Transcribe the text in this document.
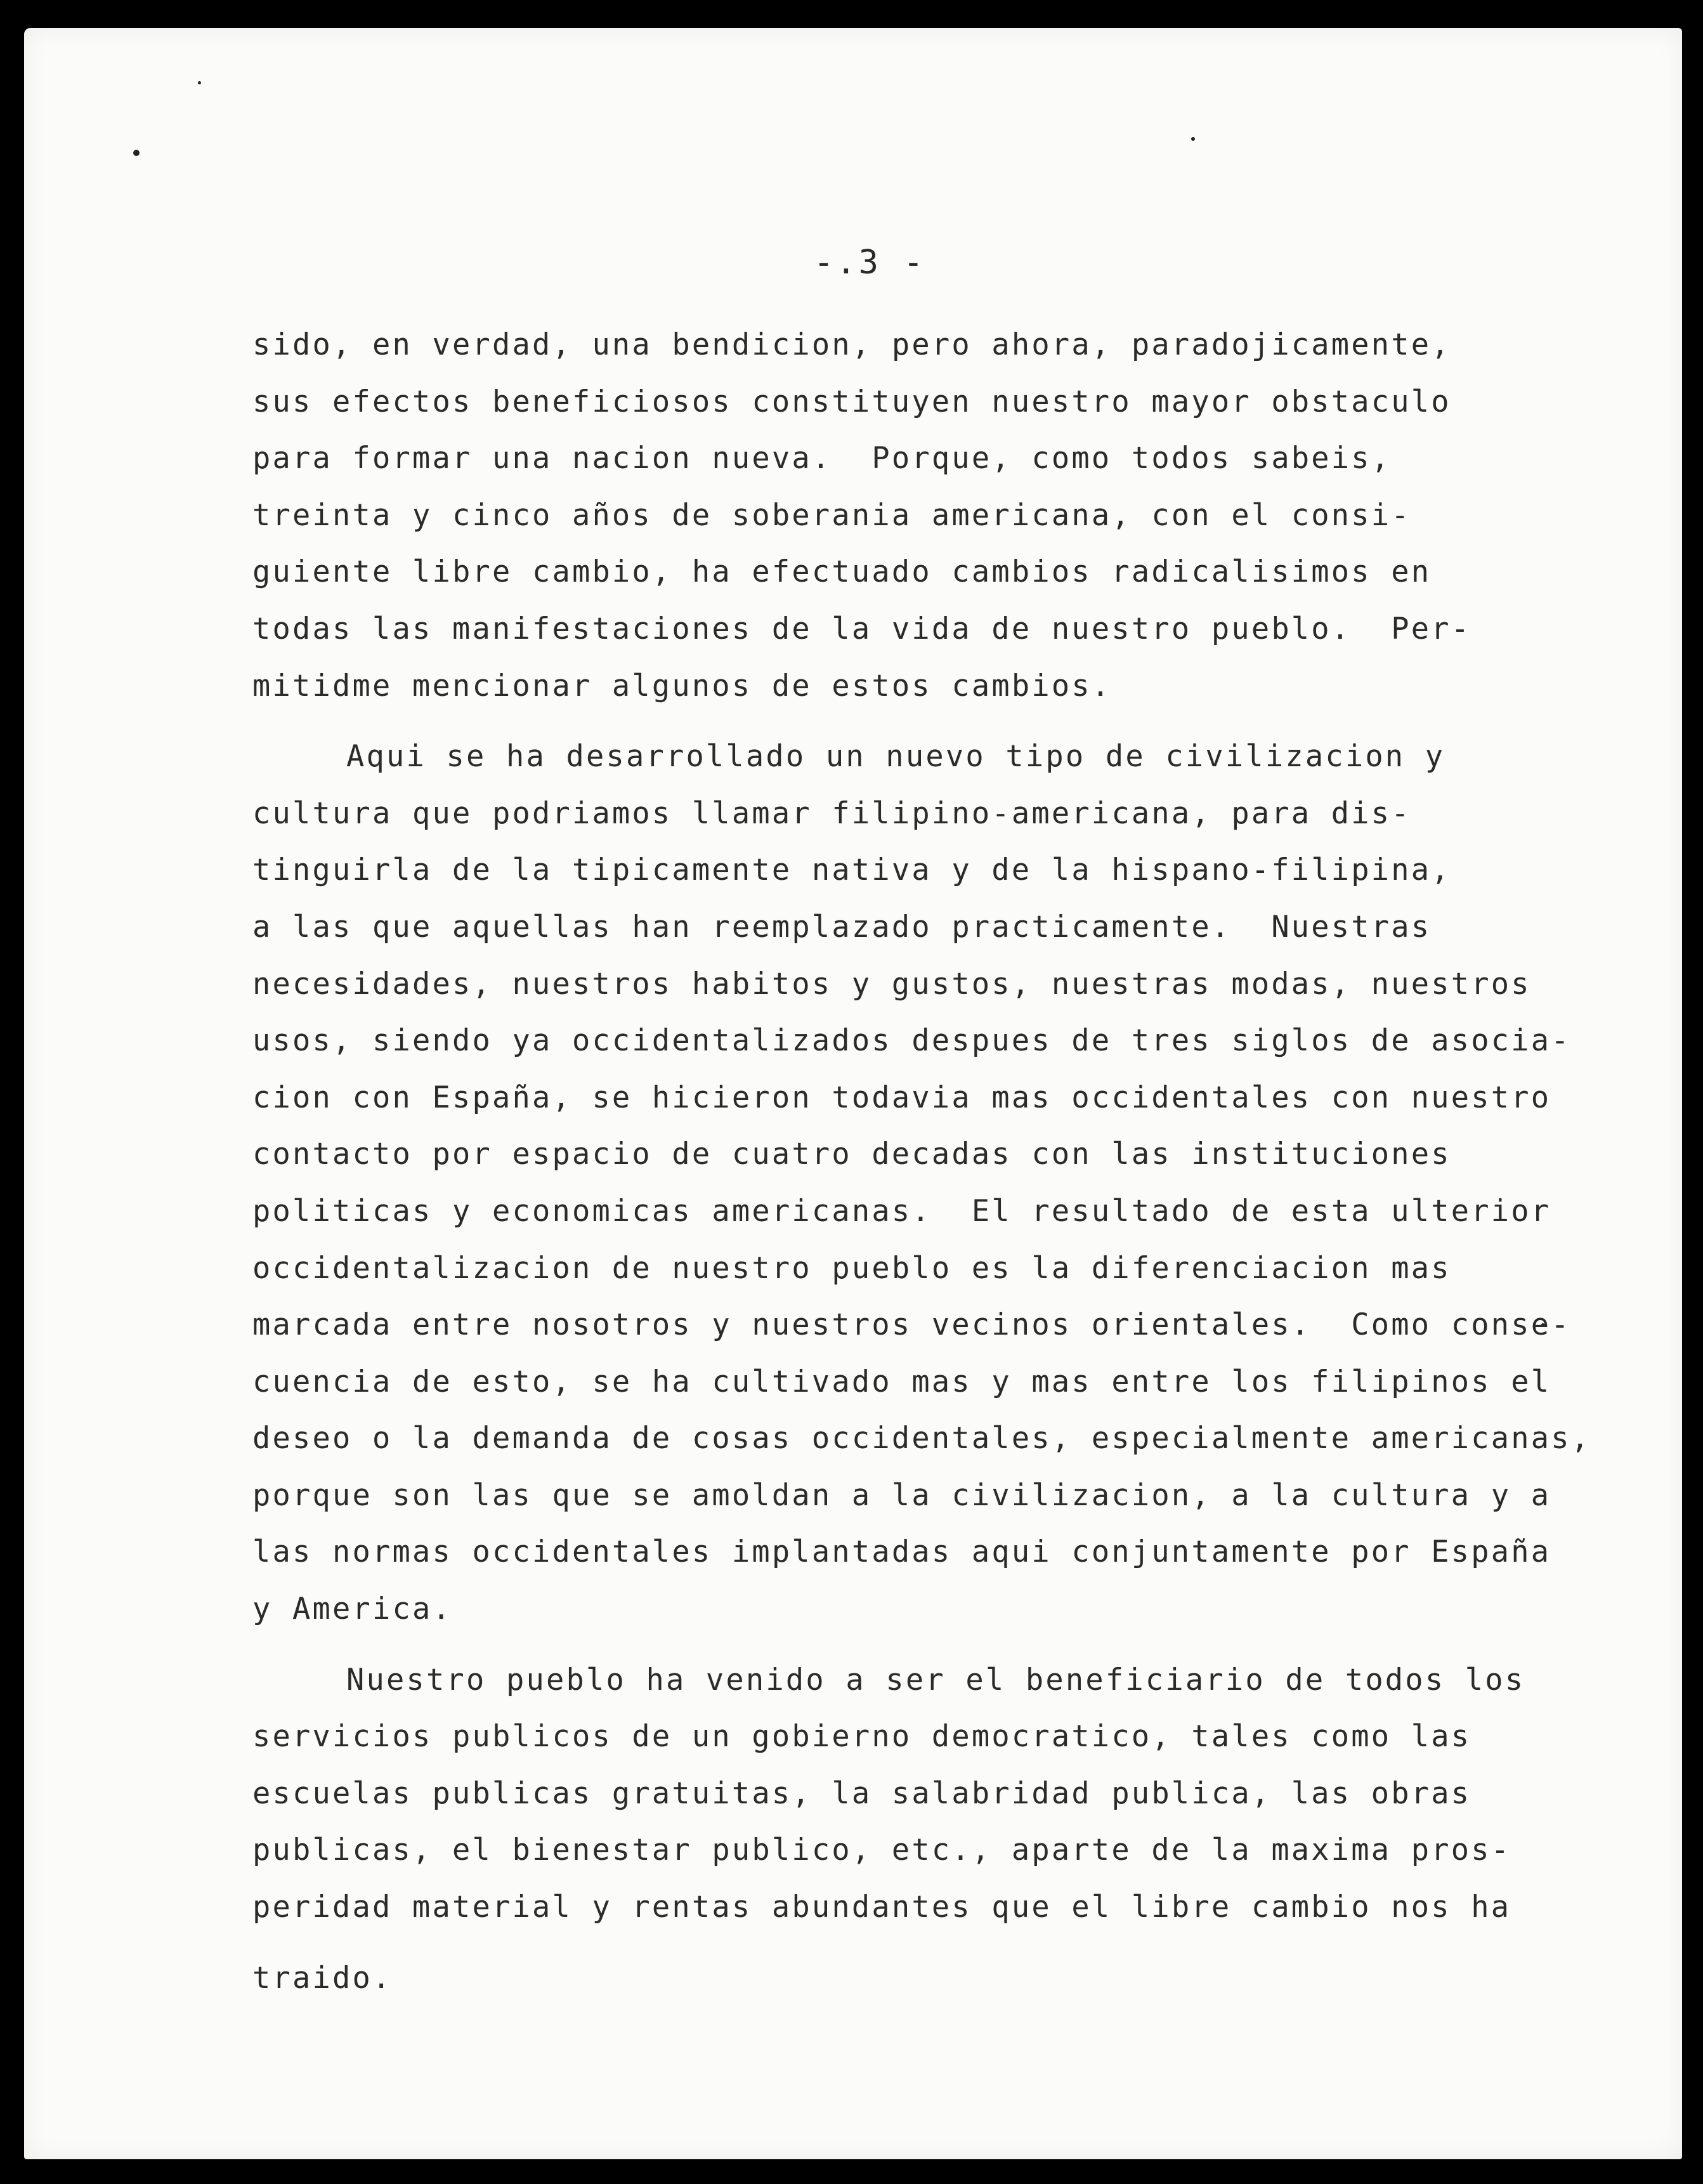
-.3 -

sido, en verdad, una bendicion, pero ahora, paradojicamente,
sus efectos beneficiosos constituyen nuestro mayor obstaculo
para formar una nacion nueva.  Porque, como todos sabeis,
treinta y cinco años de soberania americana, con el consi-
guiente libre cambio, ha efectuado cambios radicalisimos en
todas las manifestaciones de la vida de nuestro pueblo.  Per-
mitidme mencionar algunos de estos cambios.

Aqui se ha desarrollado un nuevo tipo de civilizacion y
cultura que podriamos llamar filipino-americana, para dis-
tinguirla de la tipicamente nativa y de la hispano-filipina,
a las que aquellas han reemplazado practicamente.  Nuestras
necesidades, nuestros habitos y gustos, nuestras modas, nuestros
usos, siendo ya occidentalizados despues de tres siglos de asocia-
cion con España, se hicieron todavia mas occidentales con nuestro
contacto por espacio de cuatro decadas con las instituciones
politicas y economicas americanas.  El resultado de esta ulterior
occidentalizacion de nuestro pueblo es la diferenciacion mas
marcada entre nosotros y nuestros vecinos orientales.  Como conse-
cuencia de esto, se ha cultivado mas y mas entre los filipinos el
deseo o la demanda de cosas occidentales, especialmente americanas,
porque son las que se amoldan a la civilizacion, a la cultura y a
las normas occidentales implantadas aqui conjuntamente por España
y America.

Nuestro pueblo ha venido a ser el beneficiario de todos los
servicios publicos de un gobierno democratico, tales como las
escuelas publicas gratuitas, la salabridad publica, las obras
publicas, el bienestar publico, etc., aparte de la maxima pros-
peridad material y rentas abundantes que el libre cambio nos ha
traido.
